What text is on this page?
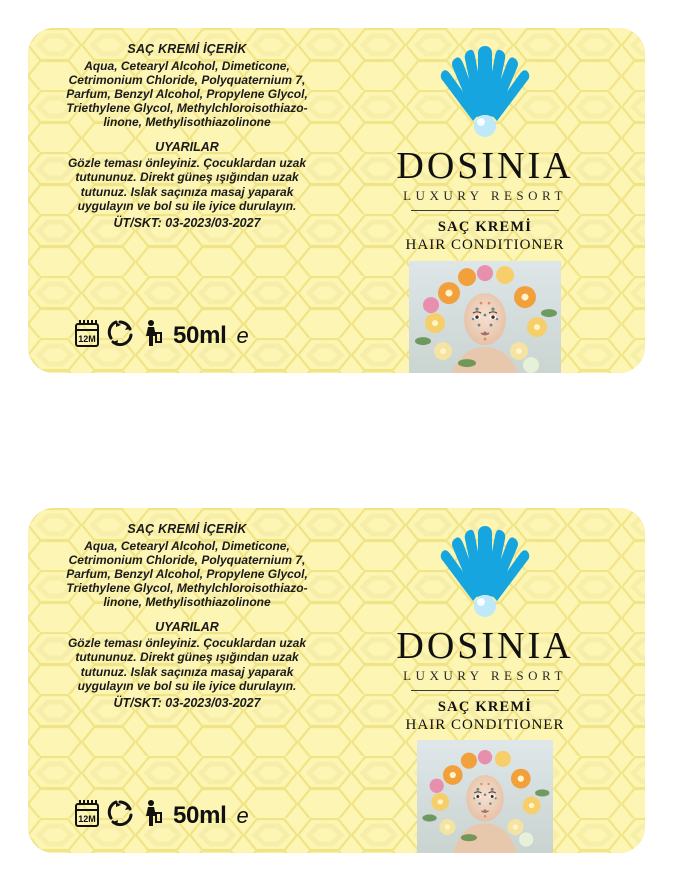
SAÇ KREMİ İÇERİK

Aqua, Cetearyl Alcohol, Dimeticone, Cetrimonium Chloride, Polyquaternium 7, Parfum, Benzyl Alcohol, Propylene Glycol, Triethylene Glycol, Methylchloroisothiazo-linone, Methylisothiazolinone

UYARILAR

Gözle teması önleyiniz. Çocuklardan uzak tutununuz. Direkt güneş ışığından uzak tutunuz. Islak saçınıza masaj yaparak uygulayın ve bol su ile iyice durulayın.

ÜT/SKT: 03-2023/03-2027
12M	50ml e
DOSINIA
LUXURY RESORT
SAÇ KREMİ
HAIR CONDITIONER
SAÇ KREMİ İÇERİK

Aqua, Cetearyl Alcohol, Dimeticone, Cetrimonium Chloride, Polyquaternium 7, Parfum, Benzyl Alcohol, Propylene Glycol, Triethylene Glycol, Methylchloroisothiazo-linone, Methylisothiazolinone

UYARILAR

Gözle teması önleyiniz. Çocuklardan uzak tutununuz. Direkt güneş ışığından uzak tutunuz. Islak saçınıza masaj yaparak uygulayın ve bol su ile iyice durulayın.

ÜT/SKT: 03-2023/03-2027
12M	50ml e
DOSINIA
LUXURY RESORT
SAÇ KREMİ
HAIR CONDITIONER
